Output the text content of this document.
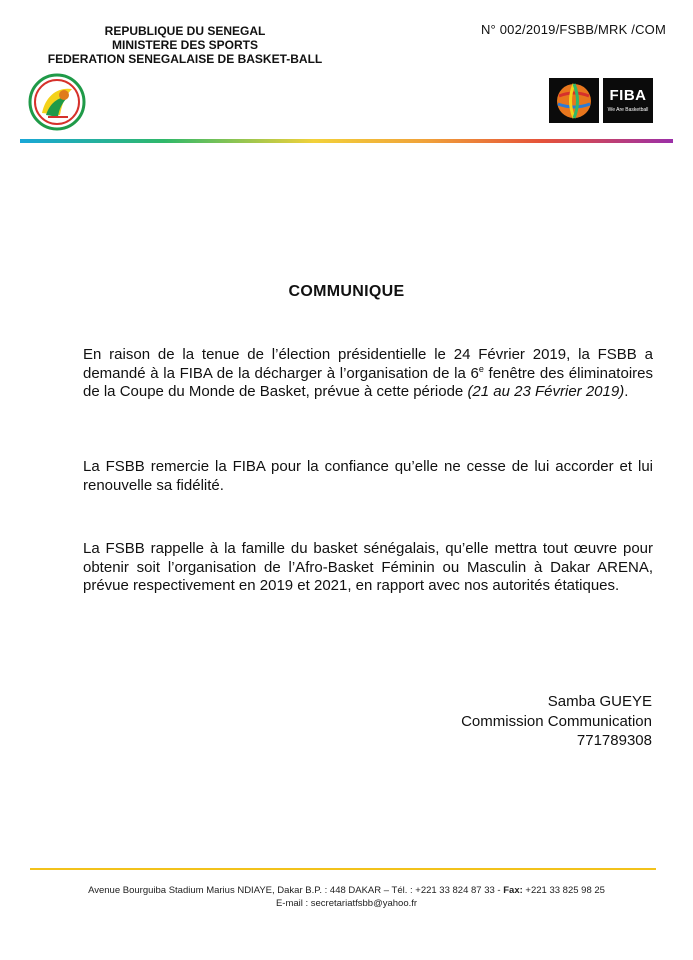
REPUBLIQUE DU SENEGAL
MINISTERE DES SPORTS
FEDERATION SENEGALAISE DE BASKET-BALL
N° 002/2019/FSBB/MRK /COM
FIBA
We Are Basketball
COMMUNIQUE
En raison de la tenue de l’élection présidentielle le 24 Février 2019, la FSBB a demandé à la FIBA de la décharger à l’organisation de la 6e fenêtre des éliminatoires de la Coupe du Monde de Basket, prévue à cette période (21 au 23 Février 2019).
La FSBB remercie la FIBA pour la confiance qu’elle ne cesse de lui accorder et lui renouvelle sa fidélité.
La FSBB rappelle à la famille du basket sénégalais, qu’elle mettra tout œuvre pour obtenir soit l’organisation de l’Afro-Basket Féminin ou Masculin à Dakar ARENA, prévue respectivement en 2019 et 2021, en rapport avec nos autorités étatiques.
Samba GUEYE
Commission Communication
771789308
Avenue Bourguiba Stadium Marius NDIAYE, Dakar B.P. : 448 DAKAR – Tél. : +221 33 824 87 33 - Fax: +221 33 825 98 25
E-mail : secretariatfsbb@yahoo.fr
